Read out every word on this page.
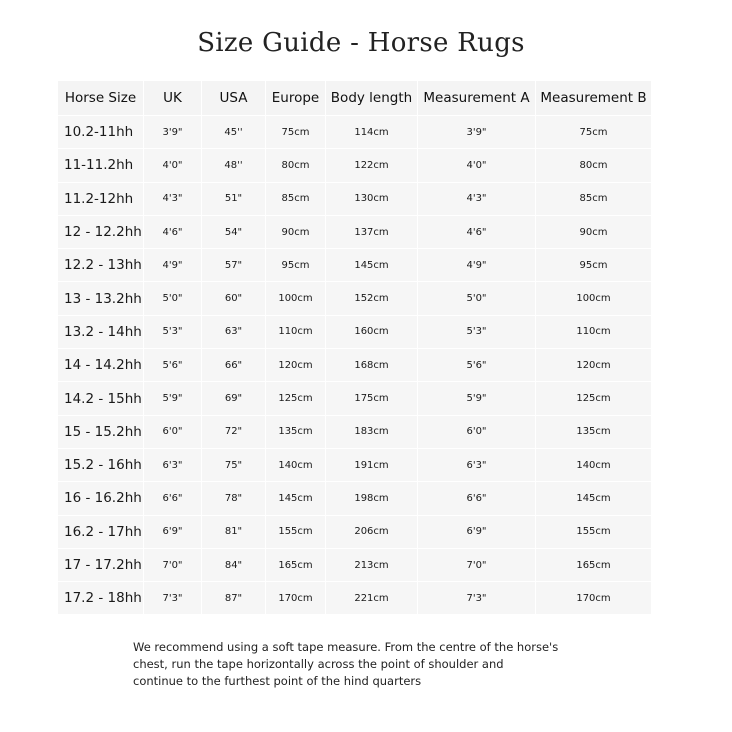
Size Guide - Horse Rugs
Horse Size	UK	USA	Europe	Body length	Measurement A	Measurement B
10.2-11hh	3'9"	45''	75cm	114cm	3'9"	75cm
11-11.2hh	4'0"	48''	80cm	122cm	4'0"	80cm
11.2-12hh	4'3"	51"	85cm	130cm	4'3"	85cm
12 - 12.2hh	4'6"	54"	90cm	137cm	4'6"	90cm
12.2 - 13hh	4'9"	57"	95cm	145cm	4'9"	95cm
13 - 13.2hh	5'0"	60"	100cm	152cm	5'0"	100cm
13.2 - 14hh	5'3"	63"	110cm	160cm	5'3"	110cm
14 - 14.2hh	5'6"	66"	120cm	168cm	5'6"	120cm
14.2 - 15hh	5'9"	69"	125cm	175cm	5'9"	125cm
15 - 15.2hh	6'0"	72"	135cm	183cm	6'0"	135cm
15.2 - 16hh	6'3"	75"	140cm	191cm	6'3"	140cm
16 - 16.2hh	6'6"	78"	145cm	198cm	6'6"	145cm
16.2 - 17hh	6'9"	81"	155cm	206cm	6'9"	155cm
17 - 17.2hh	7'0"	84"	165cm	213cm	7'0"	165cm
17.2 - 18hh	7'3"	87"	170cm	221cm	7'3"	170cm
We recommend using a soft tape measure. From the centre of the horse's
chest, run the tape horizontally across the point of shoulder and
continue to the furthest point of the hind quarters
